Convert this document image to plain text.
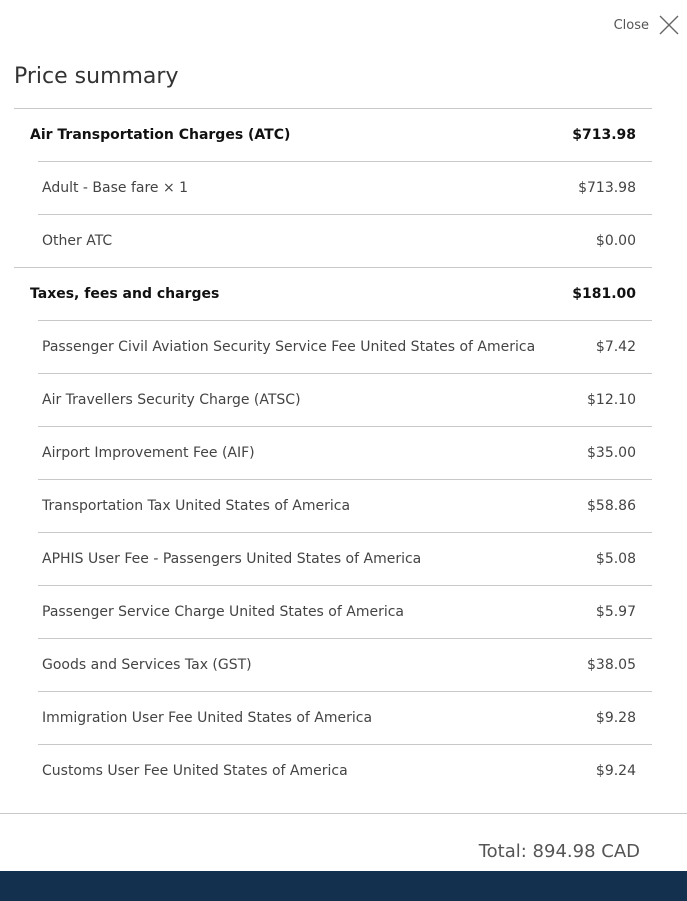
Close
Price summary
Air Transportation Charges (ATC)	$713.98
Adult - Base fare × 1	$713.98
Other ATC	$0.00
Taxes, fees and charges	$181.00
Passenger Civil Aviation Security Service Fee United States of America	$7.42
Air Travellers Security Charge (ATSC)	$12.10
Airport Improvement Fee (AIF)	$35.00
Transportation Tax United States of America	$58.86
APHIS User Fee - Passengers United States of America	$5.08
Passenger Service Charge United States of America	$5.97
Goods and Services Tax (GST)	$38.05
Immigration User Fee United States of America	$9.28
Customs User Fee United States of America	$9.24
Total: 894.98 CAD
